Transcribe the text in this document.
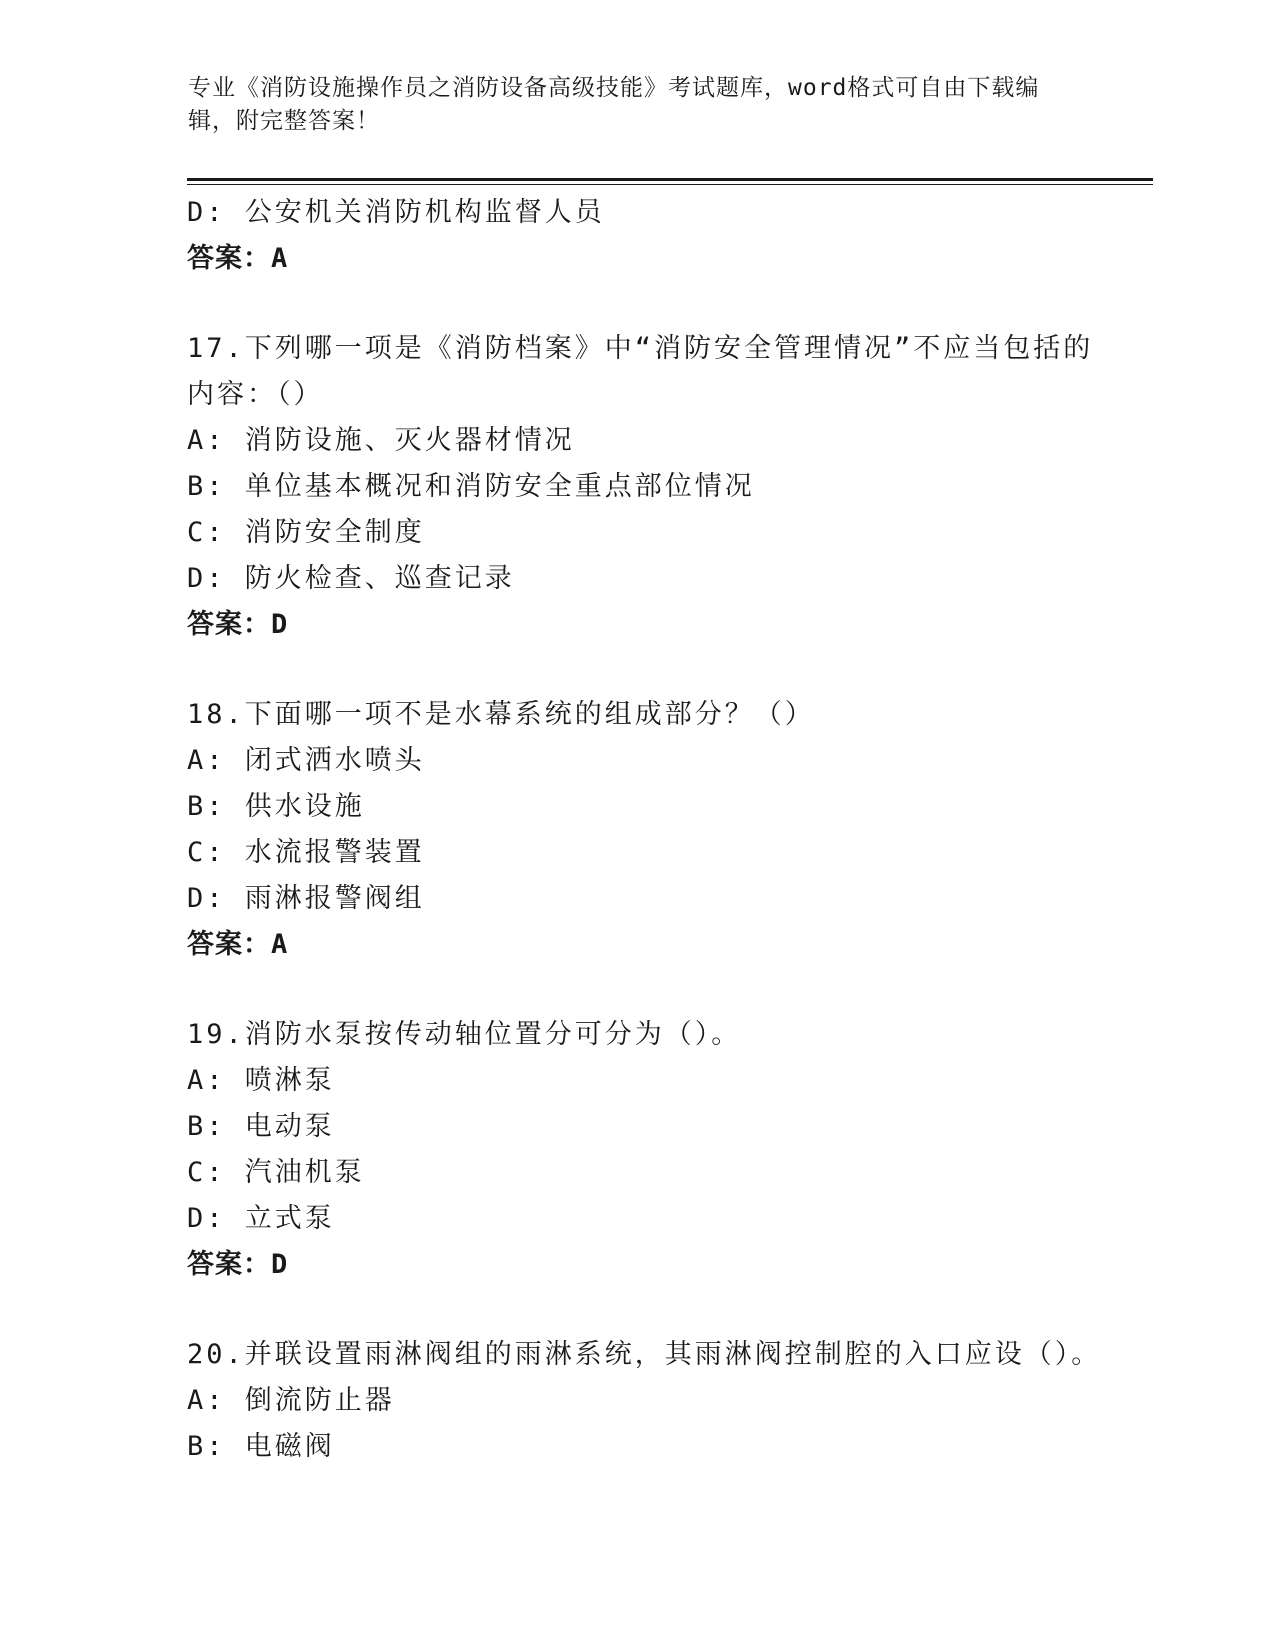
专业《消防设施操作员之消防设备高级技能》考试题库，word格式可自由下载编
辑，附完整答案！
D: 公安机关消防机构监督人员
答案：A
17.下列哪一项是《消防档案》中“消防安全管理情况”不应当包括的
内容：（）
A: 消防设施、灭火器材情况
B: 单位基本概况和消防安全重点部位情况
C: 消防安全制度
D: 防火检查、巡查记录
答案：D
18.下面哪一项不是水幕系统的组成部分？（）
A: 闭式洒水喷头
B: 供水设施
C: 水流报警装置
D: 雨淋报警阀组
答案：A
19.消防水泵按传动轴位置分可分为（）。
A: 喷淋泵
B: 电动泵
C: 汽油机泵
D: 立式泵
答案：D
20.并联设置雨淋阀组的雨淋系统，其雨淋阀控制腔的入口应设（）。
A: 倒流防止器
B: 电磁阀
